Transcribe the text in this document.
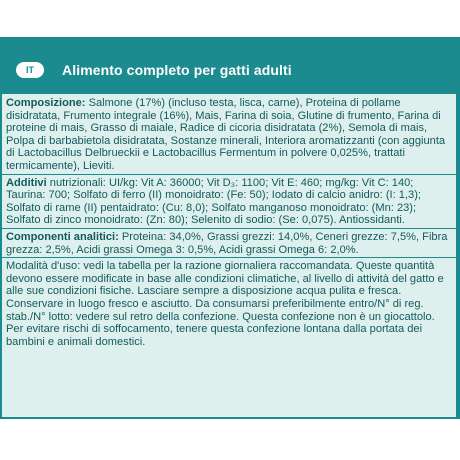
IT	Alimento completo per gatti adulti

Composizione: Salmone (17%) (incluso testa, lisca, carne), Proteina di pollame disidratata, Frumento integrale (16%), Mais, Farina di soia, Glutine di frumento, Farina di proteine di mais, Grasso di maiale, Radice di cicoria disidratata (2%), Semola di mais, Polpa di barbabietola disidratata, Sostanze minerali, Interiora aromatizzanti (con aggiunta di Lactobacillus Delbrueckii e Lactobacillus Fermentum in polvere 0,025%, trattati termicamente), Lieviti.

Additivi nutrizionali: UI/kg: Vit A: 36000; Vit D₃: 1100; Vit E: 460; mg/kg: Vit C: 140; Taurina: 700; Solfato di ferro (II) monoidrato: (Fe: 50); Iodato di calcio anidro: (I: 1,3); Solfato di rame (II) pentaidrato: (Cu: 8,0); Solfato manganoso monoidrato: (Mn: 23); Solfato di zinco monoidrato: (Zn: 80); Selenito di sodio: (Se: 0,075). Antiossidanti.

Componenti analitici: Proteina: 34,0%, Grassi grezzi: 14,0%, Ceneri grezze: 7,5%, Fibra grezza: 2,5%, Acidi grassi Omega 3: 0,5%, Acidi grassi Omega 6: 2,0%.

Modalità d'uso: vedi la tabella per la razione giornaliera raccomandata. Queste quantità devono essere modificate in base alle condizioni climatiche, al livello di attività del gatto e alle sue condizioni fisiche. Lasciare sempre a disposizione acqua pulita e fresca. Conservare in luogo fresco e asciutto. Da consumarsi preferibilmente entro/N° di reg. stab./N° lotto: vedere sul retro della confezione. Questa confezione non è un giocattolo. Per evitare rischi di soffocamento, tenere questa confezione lontana dalla portata dei bambini e animali domestici.
